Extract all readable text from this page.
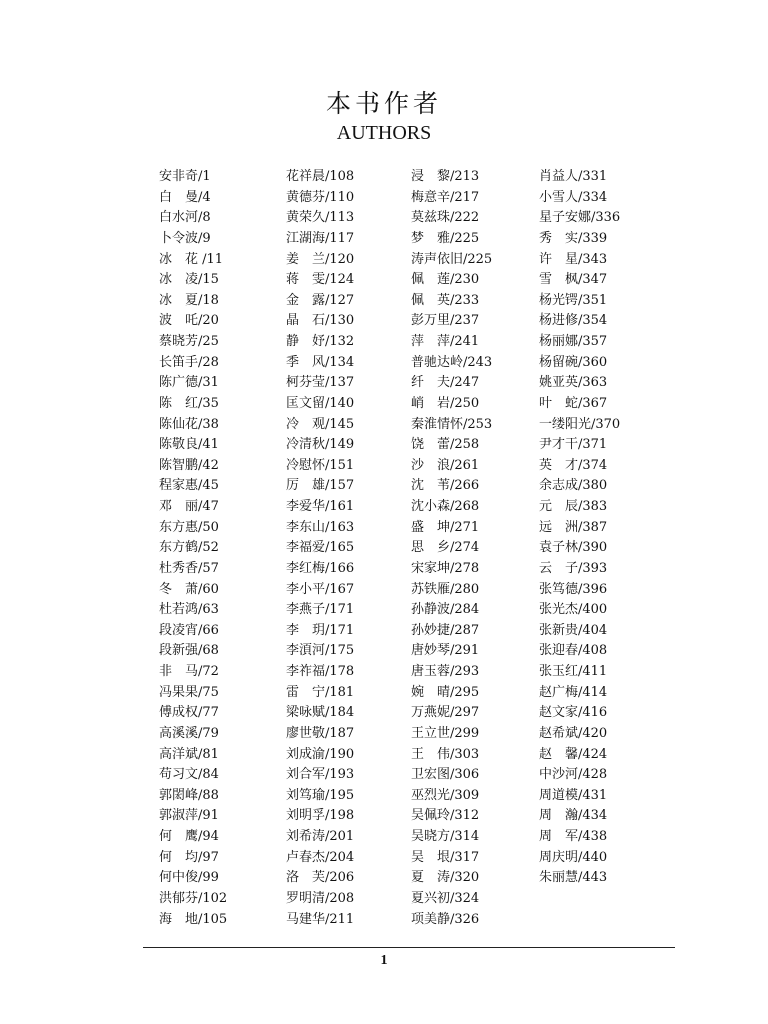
本书作者
AUTHORS
安非奇/1
白　曼/4
白水河/8
卜令波/9
冰　花 /11
冰　凌/15
冰　夏/18
波　吒/20
蔡晓芳/25
长笛手/28
陈广德/31
陈　红/35
陈仙花/38
陈敬良/41
陈智鹏/42
程家惠/45
邓　丽/47
东方惠/50
东方鹤/52
杜秀香/57
冬　萧/60
杜若鸿/63
段凌宵/66
段新强/68
非　马/72
冯果果/75
傅成权/77
高溪溪/79
高洋斌/81
苟习文/84
郭閎峰/88
郭淑萍/91
何　鹰/94
何　均/97
何中俊/99
洪郁芬/102
海　地/105
花祥晨/108
黄德芬/110
黄荣久/113
江湖海/117
姜　兰/120
蒋　雯/124
金　露/127
晶　石/130
静　妤/132
季　风/134
柯芬莹/137
匡文留/140
冷　观/145
冷清秋/149
冷慰怀/151
厉　雄/157
李爱华/161
李东山/163
李福爱/165
李红梅/166
李小平/167
李燕子/171
李　玥/171
李湏河/175
李祚福/178
雷　宁/181
梁咏赋/184
廖世敬/187
刘成渝/190
刘合军/193
刘笃瑜/195
刘明孚/198
刘希涛/201
卢春杰/204
洛　芙/206
罗明清/208
马建华/211
浸　黎/213
梅意辛/217
莫兹珠/222
梦　雅/225
涛声依旧/225
佩　莲/230
佩　英/233
彭万里/237
萍　萍/241
普驰达岭/243
纤　夫/247
峭　岩/250
秦淮情怀/253
饶　蕾/258
沙　浪/261
沈　苇/266
沈小森/268
盛　坤/271
思　乡/274
宋家坤/278
苏铁雁/280
孙静波/284
孙妙捷/287
唐妙琴/291
唐玉蓉/293
婉　晴/295
万燕妮/297
王立世/299
王　伟/303
卫宏图/306
巫烈光/309
吴佩玲/312
吴晓方/314
吴　垠/317
夏　涛/320
夏兴初/324
项美静/326
肖益人/331
小雪人/334
星子安娜/336
秀　实/339
许　星/343
雪　枫/347
杨光锷/351
杨进修/354
杨丽娜/357
杨留碗/360
姚亚英/363
叶　蛇/367
一缕阳光/370
尹才干/371
英　才/374
余志成/380
元　辰/383
远　洲/387
袁子林/390
云　子/393
张笃德/396
张光杰/400
张新贵/404
张迎春/408
张玉红/411
赵广梅/414
赵文家/416
赵希斌/420
赵　馨/424
中沙河/428
周道模/431
周　瀚/434
周　军/438
周庆明/440
朱丽慧/443
1
